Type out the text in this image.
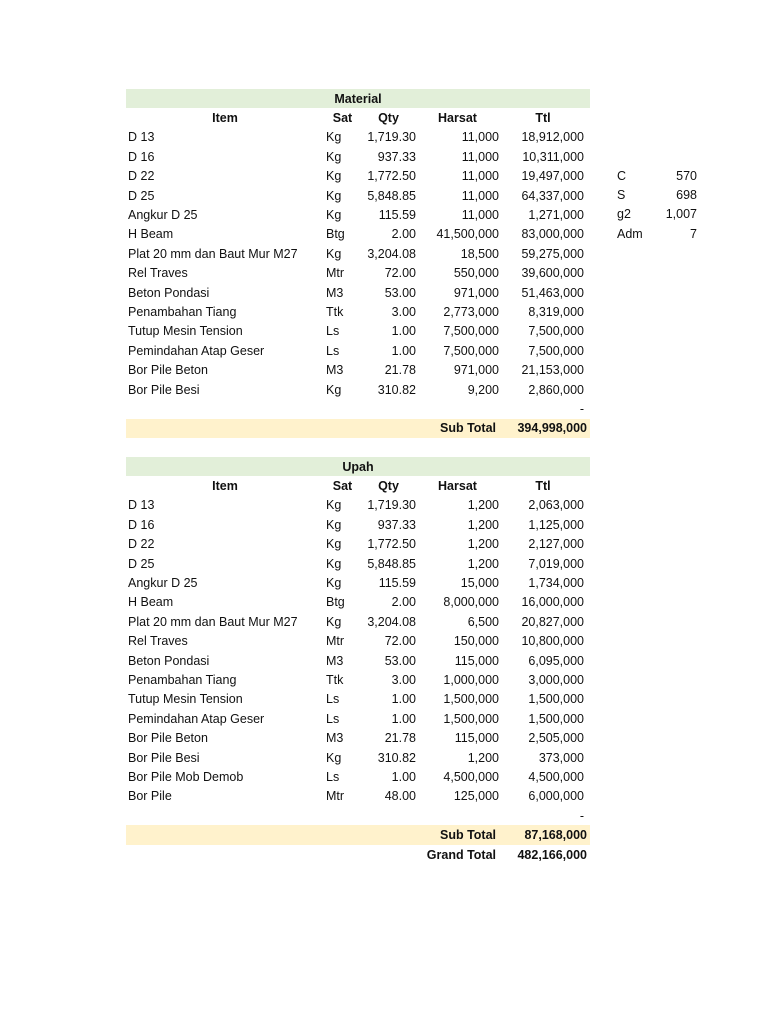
Material
Item	Sat	Qty	Harsat	Ttl
D 13	Kg	1,719.30	11,000	18,912,000
D 16	Kg	937.33	11,000	10,311,000
D 22	Kg	1,772.50	11,000	19,497,000
D 25	Kg	5,848.85	11,000	64,337,000
Angkur D 25	Kg	115.59	11,000	1,271,000
H Beam	Btg	2.00	41,500,000	83,000,000
Plat 20 mm dan Baut Mur M27	Kg	3,204.08	18,500	59,275,000
Rel Traves	Mtr	72.00	550,000	39,600,000
Beton Pondasi	M3	53.00	971,000	51,463,000
Penambahan Tiang	Ttk	3.00	2,773,000	8,319,000
Tutup Mesin Tension	Ls	1.00	7,500,000	7,500,000
Pemindahan Atap Geser	Ls	1.00	7,500,000	7,500,000
Bor Pile Beton	M3	21.78	971,000	21,153,000
Bor Pile Besi	Kg	310.82	9,200	2,860,000
-
Sub Total	394,998,000
Upah
Item	Sat	Qty	Harsat	Ttl
D 13	Kg	1,719.30	1,200	2,063,000
D 16	Kg	937.33	1,200	1,125,000
D 22	Kg	1,772.50	1,200	2,127,000
D 25	Kg	5,848.85	1,200	7,019,000
Angkur D 25	Kg	115.59	15,000	1,734,000
H Beam	Btg	2.00	8,000,000	16,000,000
Plat 20 mm dan Baut Mur M27	Kg	3,204.08	6,500	20,827,000
Rel Traves	Mtr	72.00	150,000	10,800,000
Beton Pondasi	M3	53.00	115,000	6,095,000
Penambahan Tiang	Ttk	3.00	1,000,000	3,000,000
Tutup Mesin Tension	Ls	1.00	1,500,000	1,500,000
Pemindahan Atap Geser	Ls	1.00	1,500,000	1,500,000
Bor Pile Beton	M3	21.78	115,000	2,505,000
Bor Pile Besi	Kg	310.82	1,200	373,000
Bor Pile Mob Demob	Ls	1.00	4,500,000	4,500,000
Bor Pile	Mtr	48.00	125,000	6,000,000
-
Sub Total	87,168,000
Grand Total	482,166,000
C	570
S	698
g2	1,007
Adm	7
